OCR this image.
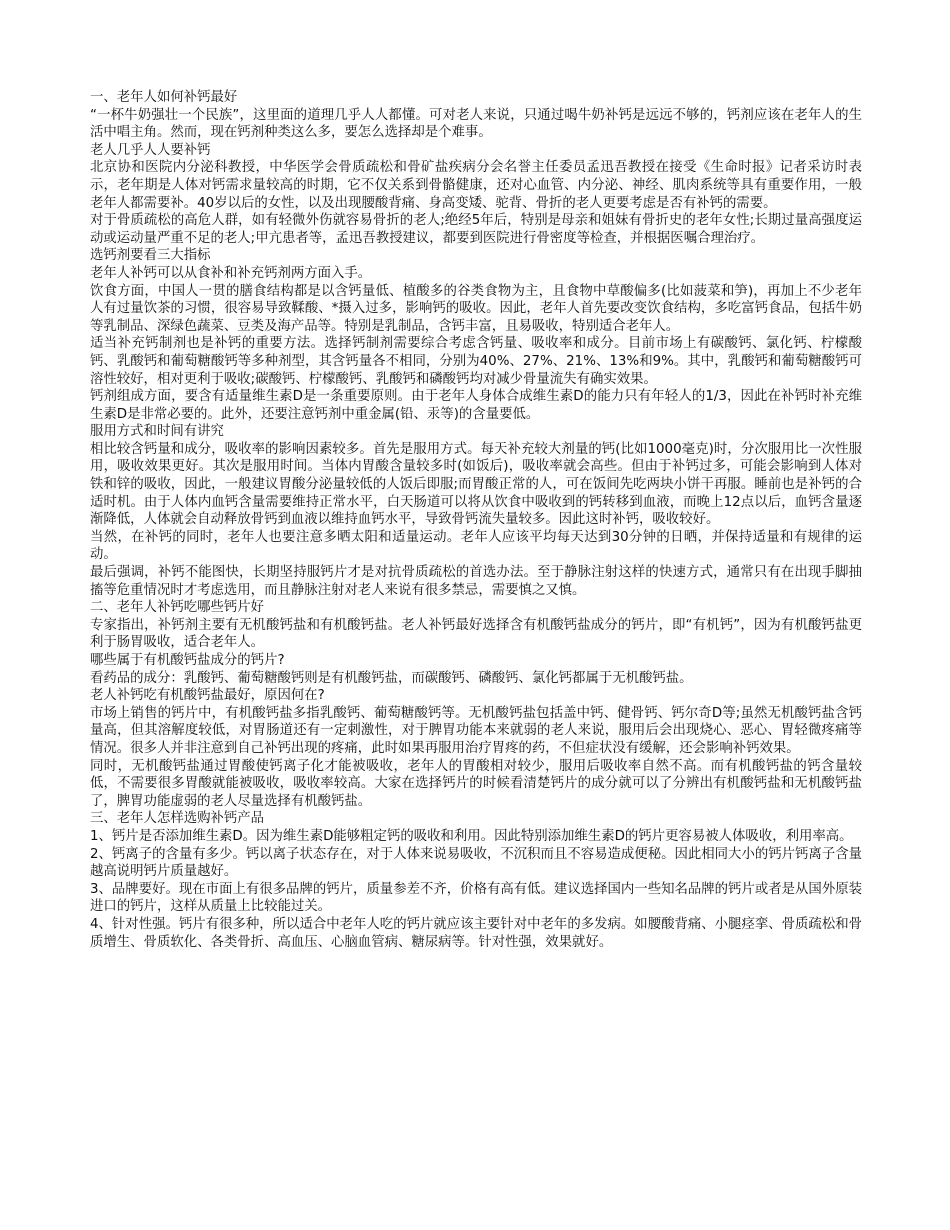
一、老年人如何补钙最好

“一杯牛奶强壮一个民族”，这里面的道理几乎人人都懂。可对老人来说，只通过喝牛奶补钙是远远不够的，钙剂应该在老年人的生活中唱主角。然而，现在钙剂种类这么多，要怎么选择却是个难事。

老人几乎人人要补钙

北京协和医院内分泌科教授，中华医学会骨质疏松和骨矿盐疾病分会名誉主任委员孟迅吾教授在接受《生命时报》记者采访时表示，老年期是人体对钙需求量较高的时期，它不仅关系到骨骼健康，还对心血管、内分泌、神经、肌肉系统等具有重要作用，一般老年人都需要补。40岁以后的女性，以及出现腰酸背痛、身高变矮、驼背、骨折的老人更要考虑是否有补钙的需要。

对于骨质疏松的高危人群，如有轻微外伤就容易骨折的老人;绝经5年后，特别是母亲和姐妹有骨折史的老年女性;长期过量高强度运动或运动量严重不足的老人;甲亢患者等，孟迅吾教授建议，都要到医院进行骨密度等检查，并根据医嘱合理治疗。

选钙剂要看三大指标

老年人补钙可以从食补和补充钙剂两方面入手。

饮食方面，中国人一贯的膳食结构都是以含钙量低、植酸多的谷类食物为主，且食物中草酸偏多(比如菠菜和笋)，再加上不少老年人有过量饮茶的习惯，很容易导致鞣酸、*摄入过多，影响钙的吸收。因此，老年人首先要改变饮食结构，多吃富钙食品，包括牛奶等乳制品、深绿色蔬菜、豆类及海产品等。特别是乳制品，含钙丰富，且易吸收，特别适合老年人。

适当补充钙制剂也是补钙的重要方法。选择钙制剂需要综合考虑含钙量、吸收率和成分。目前市场上有碳酸钙、氯化钙、柠檬酸钙、乳酸钙和葡萄糖酸钙等多种剂型，其含钙量各不相同，分别为40%、27%、21%、13%和9%。其中，乳酸钙和葡萄糖酸钙可溶性较好，相对更利于吸收;碳酸钙、柠檬酸钙、乳酸钙和磷酸钙均对减少骨量流失有确实效果。

钙剂组成方面，要含有适量维生素D是一条重要原则。由于老年人身体合成维生素D的能力只有年轻人的1/3，因此在补钙时补充维生素D是非常必要的。此外，还要注意钙剂中重金属(铅、汞等)的含量要低。

服用方式和时间有讲究

相比较含钙量和成分，吸收率的影响因素较多。首先是服用方式。每天补充较大剂量的钙(比如1000毫克)时，分次服用比一次性服用，吸收效果更好。其次是服用时间。当体内胃酸含量较多时(如饭后)，吸收率就会高些。但由于补钙过多，可能会影响到人体对铁和锌的吸收，因此，一般建议胃酸分泌量较低的人饭后即服;而胃酸正常的人，可在饭间先吃两块小饼干再服。睡前也是补钙的合适时机。由于人体内血钙含量需要维持正常水平，白天肠道可以将从饮食中吸收到的钙转移到血液，而晚上12点以后，血钙含量逐渐降低，人体就会自动释放骨钙到血液以维持血钙水平，导致骨钙流失量较多。因此这时补钙，吸收较好。

当然，在补钙的同时，老年人也要注意多晒太阳和适量运动。老年人应该平均每天达到30分钟的日晒，并保持适量和有规律的运动。

最后强调，补钙不能图快，长期坚持服钙片才是对抗骨质疏松的首选办法。至于静脉注射这样的快速方式，通常只有在出现手脚抽搐等危重情况时才考虑选用，而且静脉注射对老人来说有很多禁忌，需要慎之又慎。

二、老年人补钙吃哪些钙片好

专家指出，补钙剂主要有无机酸钙盐和有机酸钙盐。老人补钙最好选择含有机酸钙盐成分的钙片，即“有机钙”，因为有机酸钙盐更利于肠胃吸收，适合老年人。

哪些属于有机酸钙盐成分的钙片?

看药品的成分：乳酸钙、葡萄糖酸钙则是有机酸钙盐，而碳酸钙、磷酸钙、氯化钙都属于无机酸钙盐。

老人补钙吃有机酸钙盐最好，原因何在?

市场上销售的钙片中，有机酸钙盐多指乳酸钙、葡萄糖酸钙等。无机酸钙盐包括盖中钙、健骨钙、钙尔奇D等;虽然无机酸钙盐含钙量高，但其溶解度较低，对胃肠道还有一定刺激性，对于脾胃功能本来就弱的老人来说，服用后会出现烧心、恶心、胃轻微疼痛等情况。很多人并非注意到自己补钙出现的疼痛，此时如果再服用治疗胃疼的药，不但症状没有缓解，还会影响补钙效果。

同时，无机酸钙盐通过胃酸使钙离子化才能被吸收，老年人的胃酸相对较少，服用后吸收率自然不高。而有机酸钙盐的钙含量较低，不需要很多胃酸就能被吸收，吸收率较高。大家在选择钙片的时候看清楚钙片的成分就可以了分辨出有机酸钙盐和无机酸钙盐了，脾胃功能虚弱的老人尽量选择有机酸钙盐。

三、老年人怎样选购补钙产品

1、钙片是否添加维生素D。因为维生素D能够粗定钙的吸收和利用。因此特别添加维生素D的钙片更容易被人体吸收，利用率高。

2、钙离子的含量有多少。钙以离子状态存在，对于人体来说易吸收，不沉积而且不容易造成便秘。因此相同大小的钙片钙离子含量越高说明钙片质量越好。

3、品牌要好。现在市面上有很多品牌的钙片，质量参差不齐，价格有高有低。建议选择国内一些知名品牌的钙片或者是从国外原装进口的钙片，这样从质量上比较能过关。

4、针对性强。钙片有很多种，所以适合中老年人吃的钙片就应该主要针对中老年的多发病。如腰酸背痛、小腿痉挛、骨质疏松和骨质增生、骨质软化、各类骨折、高血压、心脑血管病、糖尿病等。针对性强，效果就好。
